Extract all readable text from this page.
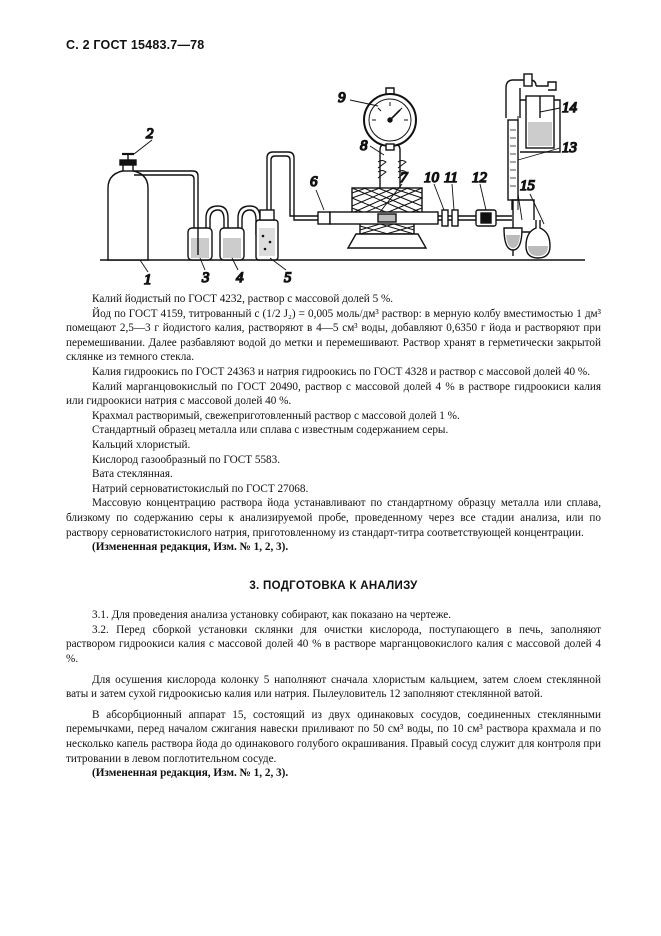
С. 2 ГОСТ 15483.7—78
1
2
3 4	5
6	7
8
9
10 11 12
13
14
15

Калий йодистый по ГОСТ 4232, раствор с массовой долей 5 %.

Йод по ГОСТ 4159, титрованный с (1/2 J₂) = 0,005 моль/дм³ раствор: в мерную колбу вместимостью 1 дм³ помещают 2,5—3 г йодистого калия, растворяют в 4—5 см³ воды, добавляют 0,6350 г йода и растворяют при перемешивании. Далее разбавляют водой до метки и перемешивают. Раствор хранят в герметически закрытой склянке из темного стекла.

Калия гидроокись по ГОСТ 24363 и натрия гидроокись по ГОСТ 4328 и раствор с массовой долей 40 %.

Калий марганцовокислый по ГОСТ 20490, раствор с массовой долей 4 % в растворе гидроокиси калия или гидроокиси натрия с массовой долей 40 %.

Крахмал растворимый, свежеприготовленный раствор с массовой долей 1 %.

Стандартный образец металла или сплава с известным содержанием серы.

Кальций хлористый.

Кислород газообразный по ГОСТ 5583.

Вата стеклянная.

Натрий серноватистокислый по ГОСТ 27068.

Массовую концентрацию раствора йода устанавливают по стандартному образцу металла или сплава, близкому по содержанию серы к анализируемой пробе, проведенному через все стадии анализа, или по раствору серноватистокислого натрия, приготовленному из стандарт-титра соответствующей концентрации.

(Измененная редакция, Изм. № 1, 2, 3).

3. ПОДГОТОВКА К АНАЛИЗУ

3.1. Для проведения анализа установку собирают, как показано на чертеже.

3.2. Перед сборкой установки склянки для очистки кислорода, поступающего в печь, заполняют раствором гидроокиси калия с массовой долей 40 % в растворе марганцовокислого калия с массовой долей 4 %.

Для осушения кислорода колонку 5 наполняют сначала хлористым кальцием, затем слоем стеклянной ваты и затем сухой гидроокисью калия или натрия. Пылеуловитель 12 заполняют стеклянной ватой.

В абсорбционный аппарат 15, состоящий из двух одинаковых сосудов, соединенных стеклянными перемычками, перед началом сжигания навески приливают по 50 см³ воды, по 10 см³ раствора крахмала и по несколько капель раствора йода до одинакового голубого окрашивания. Правый сосуд служит для контроля при титровании в левом поглотительном сосуде.

(Измененная редакция, Изм. № 1, 2, 3).
